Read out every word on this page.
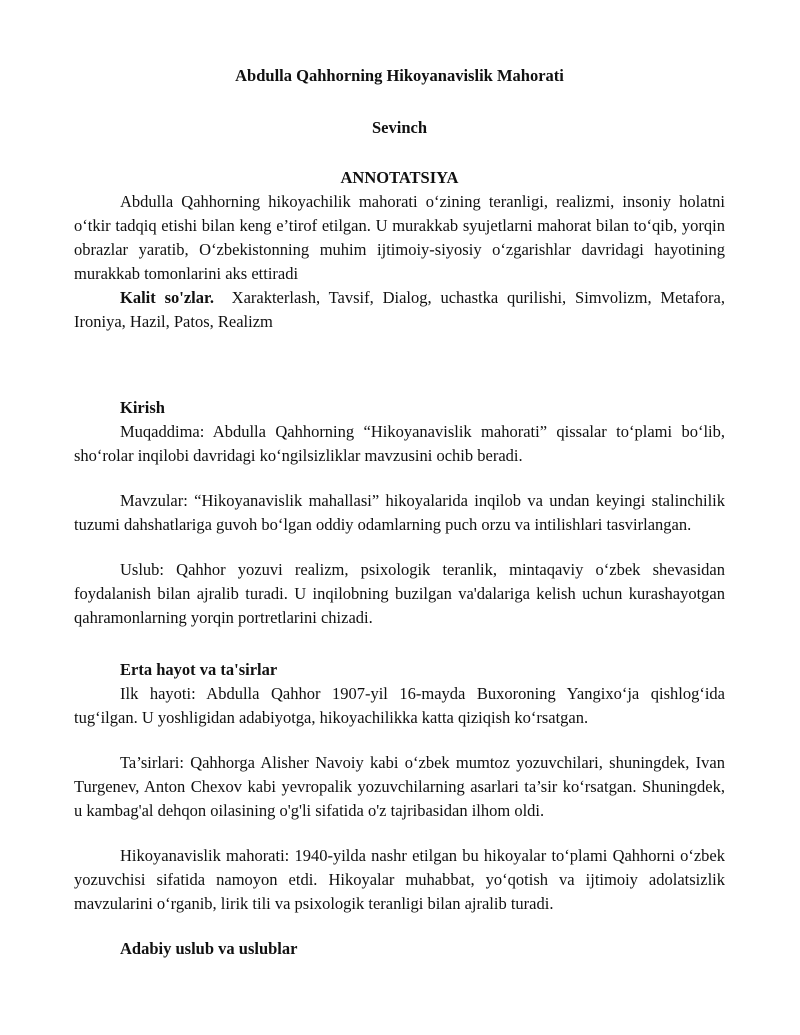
Abdulla Qahhorning Hikoyanavislik Mahorati
Sevinch
ANNOTATSIYA

Abdulla Qahhorning hikoyachilik mahorati o‘zining teranligi, realizmi, insoniy holatni o‘tkir tadqiq etishi bilan keng e’tirof etilgan. U murakkab syujetlarni mahorat bilan to‘qib, yorqin obrazlar yaratib, O‘zbekistonning muhim ijtimoiy-siyosiy o‘zgarishlar davridagi hayotining murakkab tomonlarini aks ettiradi

Kalit so'zlar. Xarakterlash, Tavsif, Dialog, uchastka qurilishi, Simvolizm, Metafora, Ironiya, Hazil, Patos, Realizm

Kirish

Muqaddima: Abdulla Qahhorning “Hikoyanavislik mahorati” qissalar to‘plami bo‘lib, sho‘rolar inqilobi davridagi ko‘ngilsizliklar mavzusini ochib beradi.

Mavzular: “Hikoyanavislik mahallasi” hikoyalarida inqilob va undan keyingi stalinchilik tuzumi dahshatlariga guvoh bo‘lgan oddiy odamlarning puch orzu va intilishlari tasvirlangan.

Uslub: Qahhor yozuvi realizm, psixologik teranlik, mintaqaviy o‘zbek shevasidan foydalanish bilan ajralib turadi. U inqilobning buzilgan va'dalariga kelish uchun kurashayotgan qahramonlarning yorqin portretlarini chizadi.

Erta hayot va ta'sirlar

Ilk hayoti: Abdulla Qahhor 1907-yil 16-mayda Buxoroning Yangixo‘ja qishlog‘ida tug‘ilgan. U yoshligidan adabiyotga, hikoyachilikka katta qiziqish ko‘rsatgan.

Ta’sirlari: Qahhorga Alisher Navoiy kabi o‘zbek mumtoz yozuvchilari, shuningdek, Ivan Turgenev, Anton Chexov kabi yevropalik yozuvchilarning asarlari ta’sir ko‘rsatgan. Shuningdek, u kambag'al dehqon oilasining o'g'li sifatida o'z tajribasidan ilhom oldi.

Hikoyanavislik mahorati: 1940-yilda nashr etilgan bu hikoyalar to‘plami Qahhorni o‘zbek yozuvchisi sifatida namoyon etdi. Hikoyalar muhabbat, yo‘qotish va ijtimoiy adolatsizlik mavzularini o‘rganib, lirik tili va psixologik teranligi bilan ajralib turadi.

Adabiy uslub va uslublar
